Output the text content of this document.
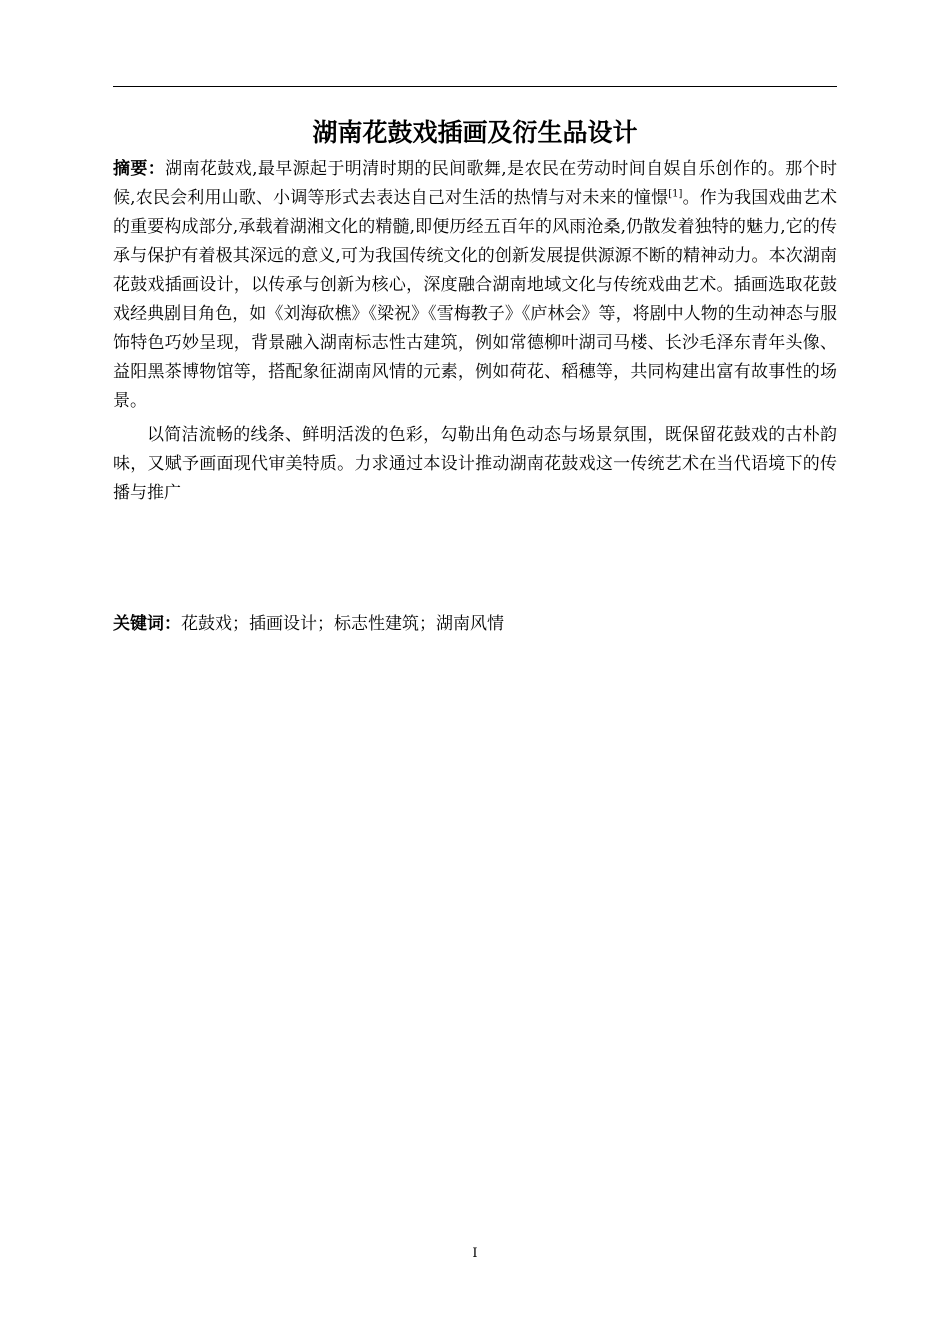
湖南花鼓戏插画及衍生品设计

摘要：湖南花鼓戏,最早源起于明清时期的民间歌舞,是农民在劳动时间自娱自乐创作的。那个时候,农民会利用山歌、小调等形式去表达自己对生活的热情与对未来的憧憬[1]。作为我国戏曲艺术的重要构成部分,承载着湖湘文化的精髓,即便历经五百年的风雨沧桑,仍散发着独特的魅力,它的传承与保护有着极其深远的意义,可为我国传统文化的创新发展提供源源不断的精神动力。本次湖南花鼓戏插画设计，以传承与创新为核心，深度融合湖南地域文化与传统戏曲艺术。插画选取花鼓戏经典剧目角色，如《刘海砍樵》《梁祝》《雪梅教子》《庐林会》等，将剧中人物的生动神态与服饰特色巧妙呈现，背景融入湖南标志性古建筑，例如常德柳叶湖司马楼、长沙毛泽东青年头像、益阳黑茶博物馆等，搭配象征湖南风情的元素，例如荷花、稻穗等，共同构建出富有故事性的场景。

以简洁流畅的线条、鲜明活泼的色彩，勾勒出角色动态与场景氛围，既保留花鼓戏的古朴韵味，又赋予画面现代审美特质。力求通过本设计推动湖南花鼓戏这一传统艺术在当代语境下的传播与推广

关键词：花鼓戏；插画设计；标志性建筑；湖南风情

I
